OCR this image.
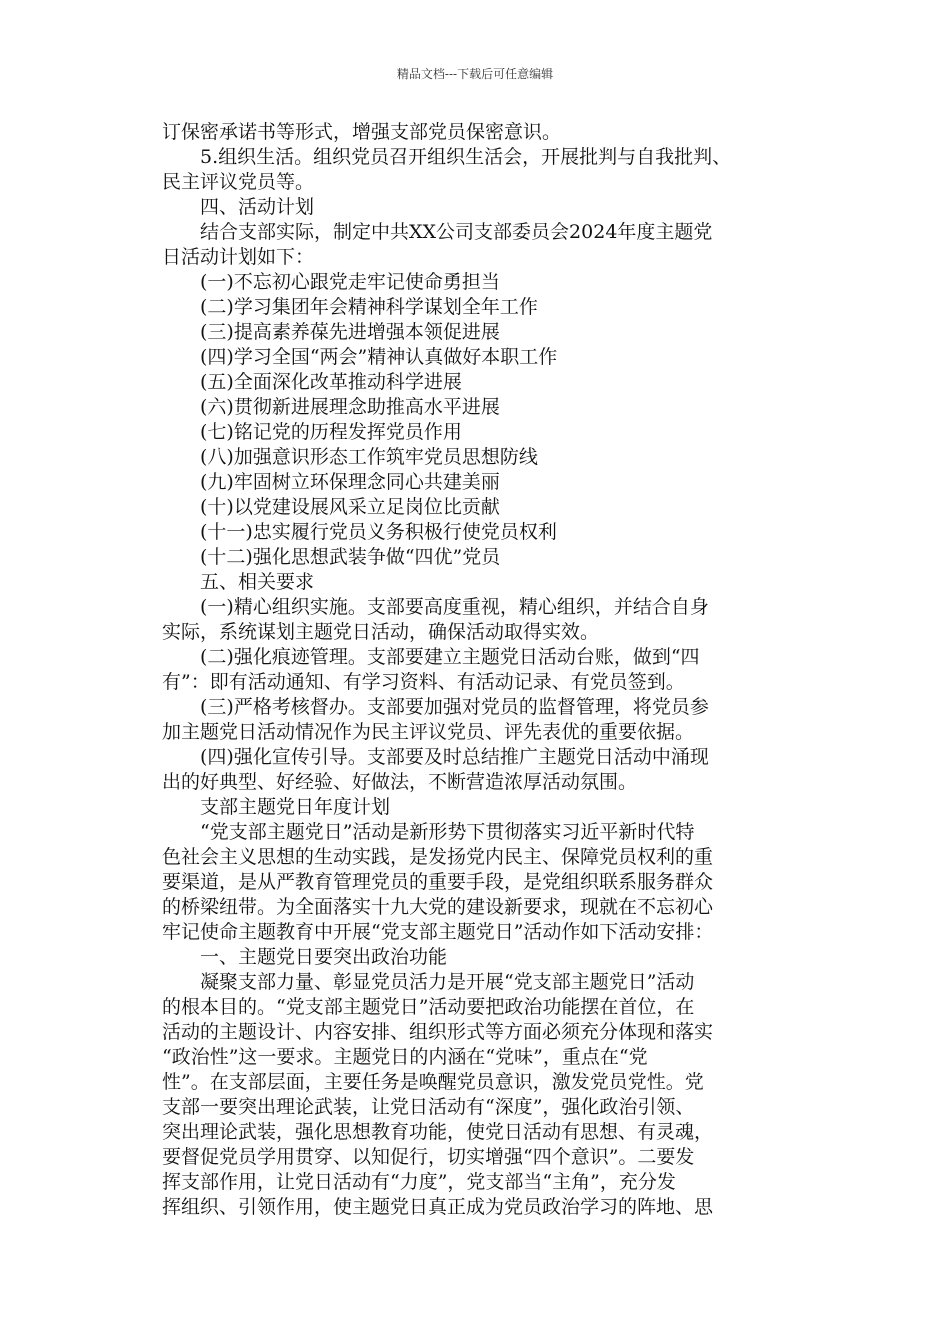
精品文档---下载后可任意编辑

订保密承诺书等形式，增强支部党员保密意识。

5.组织生活。组织党员召开组织生活会，开展批判与自我批判、

民主评议党员等。

四、活动计划

结合支部实际，制定中共XX公司支部委员会2024年度主题党

日活动计划如下：

(一)不忘初心跟党走牢记使命勇担当

(二)学习集团年会精神科学谋划全年工作

(三)提高素养葆先进增强本领促进展

(四)学习全国“两会”精神认真做好本职工作

(五)全面深化改革推动科学进展

(六)贯彻新进展理念助推高水平进展

(七)铭记党的历程发挥党员作用

(八)加强意识形态工作筑牢党员思想防线

(九)牢固树立环保理念同心共建美丽

(十)以党建设展风采立足岗位比贡献

(十一)忠实履行党员义务积极行使党员权利

(十二)强化思想武装争做“四优”党员

五、相关要求

(一)精心组织实施。支部要高度重视，精心组织，并结合自身

实际，系统谋划主题党日活动，确保活动取得实效。

(二)强化痕迹管理。支部要建立主题党日活动台账，做到“四

有”：即有活动通知、有学习资料、有活动记录、有党员签到。

(三)严格考核督办。支部要加强对党员的监督管理，将党员参

加主题党日活动情况作为民主评议党员、评先表优的重要依据。

(四)强化宣传引导。支部要及时总结推广主题党日活动中涌现

出的好典型、好经验、好做法，不断营造浓厚活动氛围。

支部主题党日年度计划

“党支部主题党日”活动是新形势下贯彻落实习近平新时代特

色社会主义思想的生动实践，是发扬党内民主、保障党员权利的重

要渠道，是从严教育管理党员的重要手段，是党组织联系服务群众

的桥梁纽带。为全面落实十九大党的建设新要求，现就在不忘初心

牢记使命主题教育中开展“党支部主题党日”活动作如下活动安排：

一、主题党日要突出政治功能

凝聚支部力量、彰显党员活力是开展“党支部主题党日”活动

的根本目的。“党支部主题党日”活动要把政治功能摆在首位，在

活动的主题设计、内容安排、组织形式等方面必须充分体现和落实

“政治性”这一要求。主题党日的内涵在“党味”，重点在“党

性”。在支部层面，主要任务是唤醒党员意识，激发党员党性。党

支部一要突出理论武装，让党日活动有“深度”，强化政治引领、

突出理论武装，强化思想教育功能，使党日活动有思想、有灵魂，

要督促党员学用贯穿、以知促行，切实增强“四个意识”。二要发

挥支部作用，让党日活动有“力度”，党支部当“主角”，充分发

挥组织、引领作用，使主题党日真正成为党员政治学习的阵地、思
